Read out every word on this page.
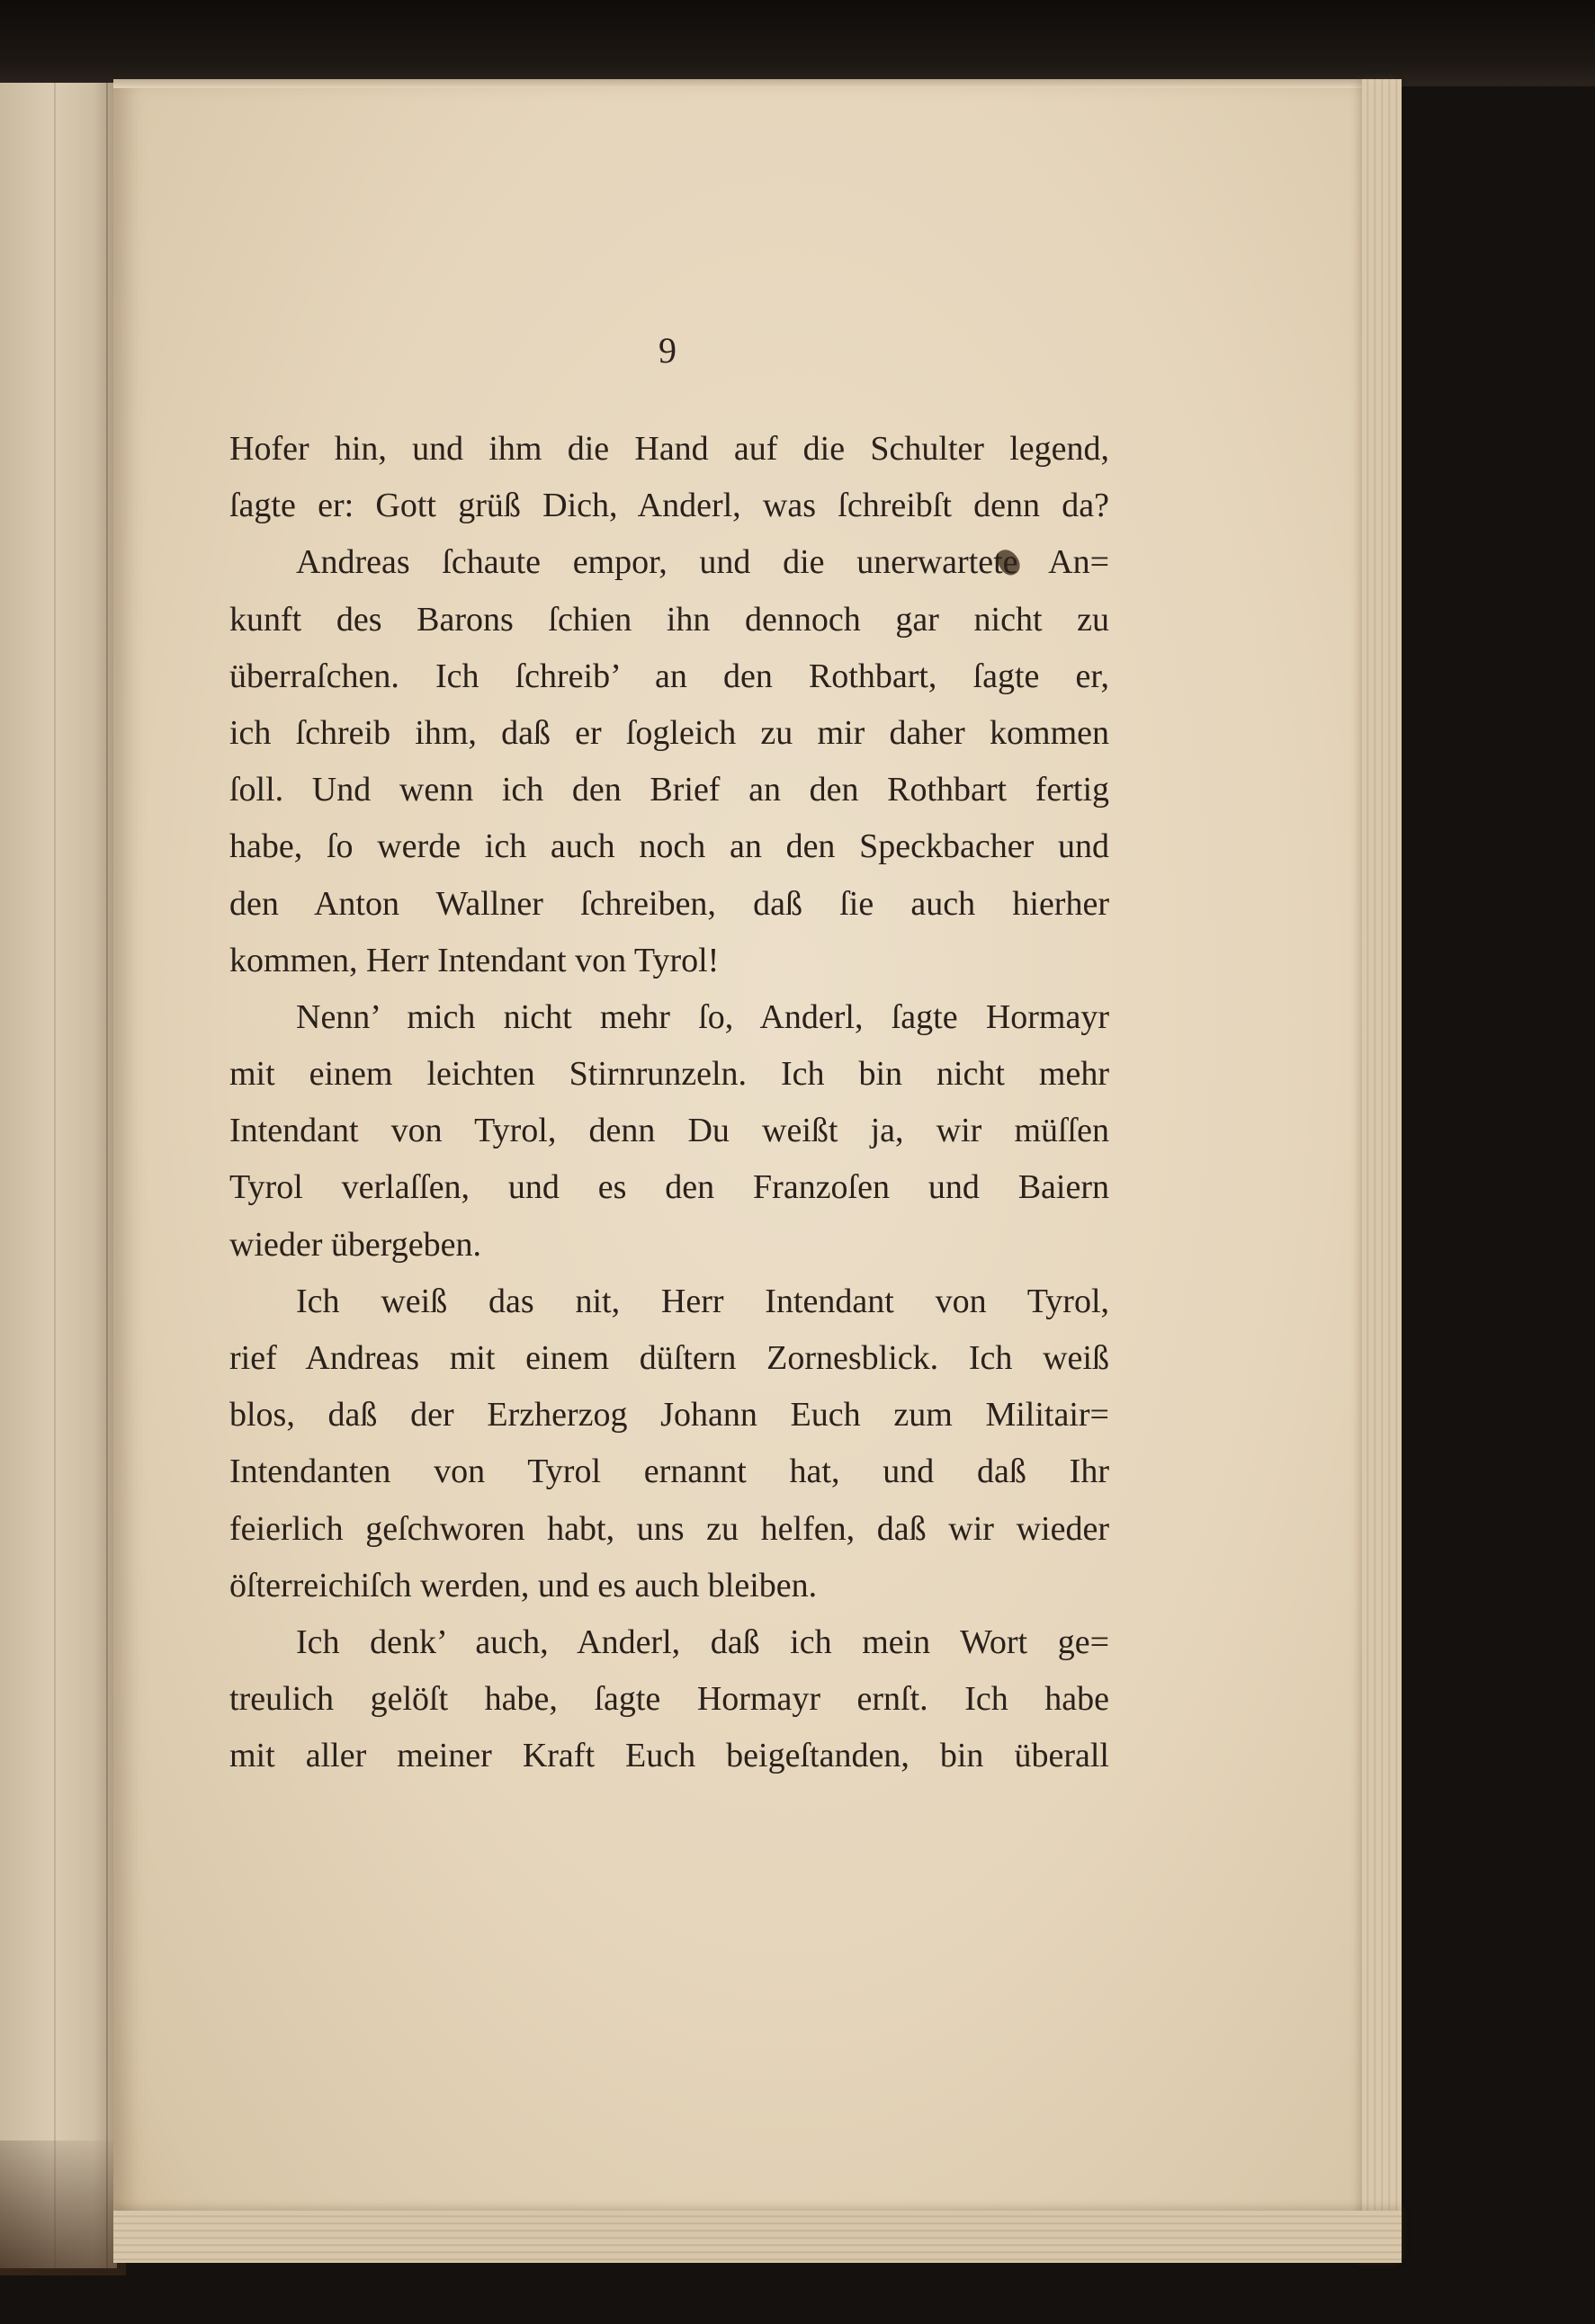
9
Hofer hin, und ihm die Hand auf die Schulter legend,
ſagte er: Gott grüß Dich, Anderl, was ſchreibſt denn da?
Andreas ſchaute empor, und die unerwartete An=
kunft des Barons ſchien ihn dennoch gar nicht zu
überraſchen. Ich ſchreib’ an den Rothbart, ſagte er,
ich ſchreib ihm, daß er ſogleich zu mir daher kommen
ſoll. Und wenn ich den Brief an den Rothbart fertig
habe, ſo werde ich auch noch an den Speckbacher und
den Anton Wallner ſchreiben, daß ſie auch hierher
kommen, Herr Intendant von Tyrol!
Nenn’ mich nicht mehr ſo, Anderl, ſagte Hormayr
mit einem leichten Stirnrunzeln. Ich bin nicht mehr
Intendant von Tyrol, denn Du weißt ja, wir müſſen
Tyrol verlaſſen, und es den Franzoſen und Baiern
wieder übergeben.
Ich weiß das nit, Herr Intendant von Tyrol,
rief Andreas mit einem düſtern Zornesblick. Ich weiß
blos, daß der Erzherzog Johann Euch zum Militair=
Intendanten von Tyrol ernannt hat, und daß Ihr
feierlich geſchworen habt, uns zu helfen, daß wir wieder
öſterreichiſch werden, und es auch bleiben.
Ich denk’ auch, Anderl, daß ich mein Wort ge=
treulich gelöſt habe, ſagte Hormayr ernſt. Ich habe
mit aller meiner Kraft Euch beigeſtanden, bin überall
